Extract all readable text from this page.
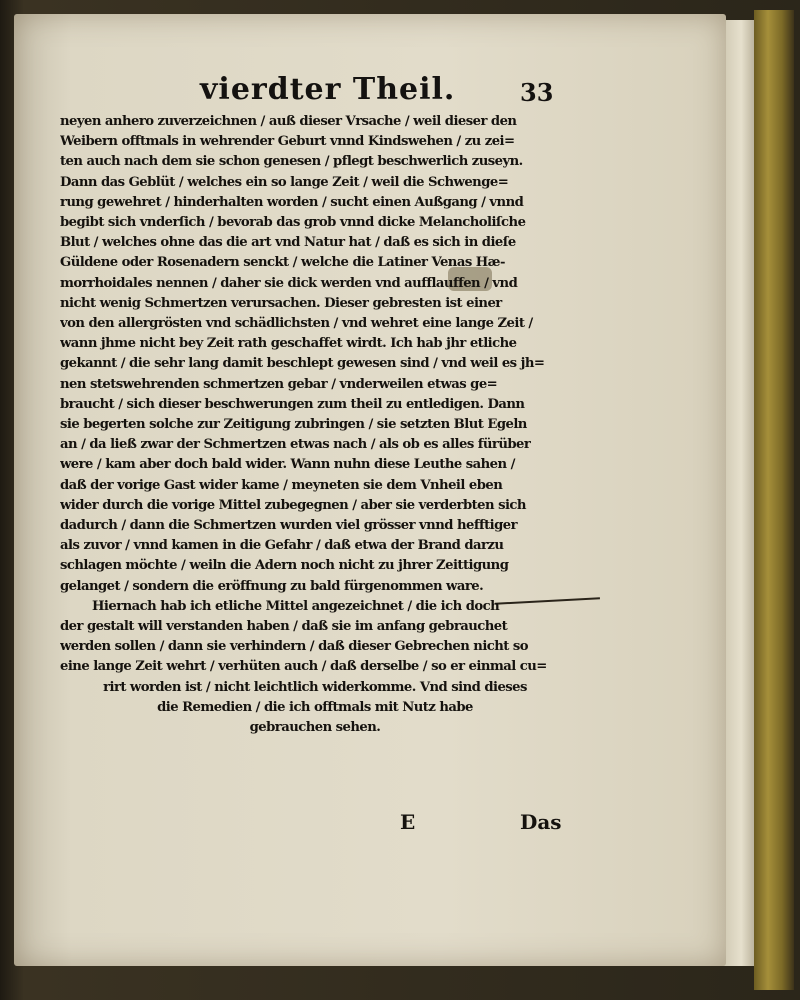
vierdter Theil.	33
neyen anhero zuverzeichnen / auß dieser Vrsache / weil dieser den
Weibern offtmals in wehrender Geburt vnnd Kindswehen / zu zei=
ten auch nach dem sie schon genesen / pflegt beschwerlich zuseyn.
Dann das Geblüt / welches ein so lange Zeit / weil die Schwenge=
rung gewehret / hinderhalten worden / sucht einen Außgang / vnnd
begibt sich vnderſich / bevorab das grob vnnd dicke Melancholiſche
Blut / welches ohne das die art vnd Natur hat / daß es sich in dieſe
Güldene oder Rosenadern senckt / welche die Latiner Venas Hæ-
morrhoidales nennen / daher sie dick werden vnd aufflauffen / vnd
nicht wenig Schmertzen verursachen. Dieser gebresten ist einer
von den allergrösten vnd schädlichsten / vnd wehret eine lange Zeit /
wann jhme nicht bey Zeit rath geschaffet wirdt. Ich hab jhr etliche
gekannt / die sehr lang damit beschlept gewesen sind / vnd weil es jh=
nen stetswehrenden schmertzen gebar / vnderweilen etwas ge=
braucht / sich dieser beschwerungen zum theil zu entledigen. Dann
sie begerten solche zur Zeitigung zubringen / sie setzten Blut Egeln
an / da ließ zwar der Schmertzen etwas nach / als ob es alles fürüber
were / kam aber doch bald wider. Wann nuhn diese Leuthe sahen /
daß der vorige Gast wider kame / meyneten sie dem Vnheil eben
wider durch die vorige Mittel zubegegnen / aber sie verderbten sich
dadurch / dann die Schmertzen wurden viel grösser vnnd hefftiger
als zuvor / vnnd kamen in die Gefahr / daß etwa der Brand darzu
schlagen möchte / weiln die Adern noch nicht zu jhrer Zeittigung
gelanget / sondern die eröffnung zu bald fürgenommen ware.
Hiernach hab ich etliche Mittel angezeichnet / die ich doch
der gestalt will verstanden haben / daß sie im anfang gebrauchet
werden sollen / dann sie verhindern / daß dieser Gebrechen nicht so
eine lange Zeit wehrt / verhüten auch / daß derselbe / so er einmal cu=
rirt worden ist / nicht leichtlich widerkomme. Vnd sind dieses
die Remedien / die ich offtmals mit Nutz habe
gebrauchen sehen.
E	Das
